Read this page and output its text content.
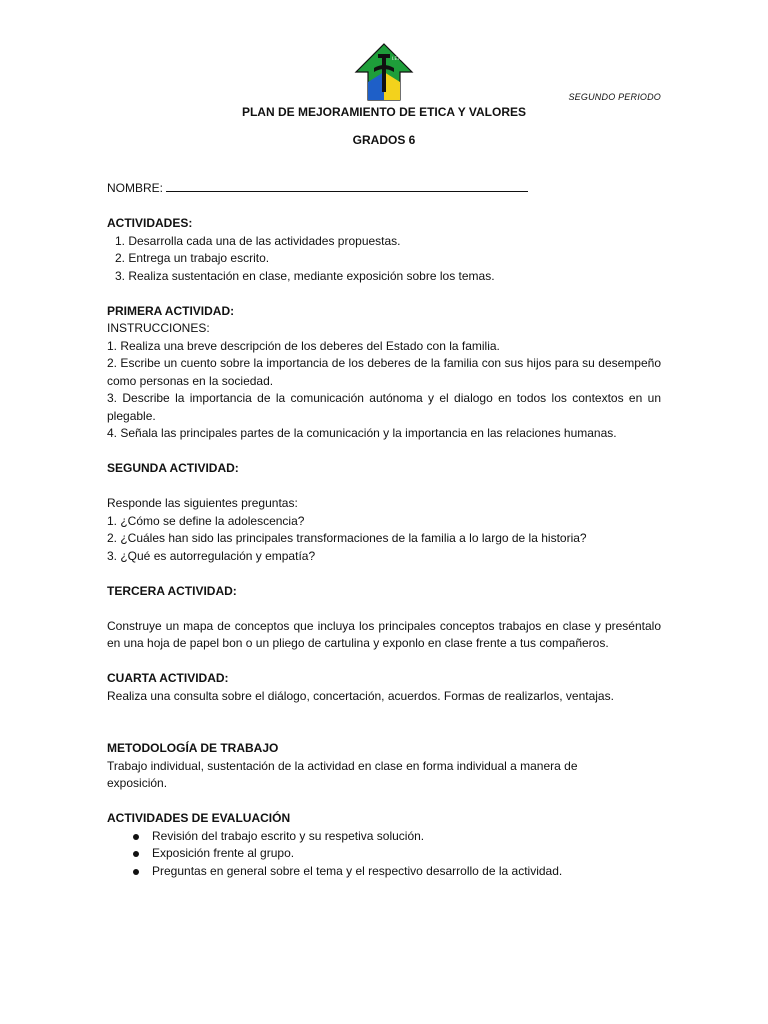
I.E.R.
SEGUNDO PERIODO
PLAN DE MEJORAMIENTO DE ETICA Y VALORES
GRADOS 6

NOMBRE:

ACTIVIDADES:

1. Desarrolla cada una de las actividades propuestas.

2. Entrega un trabajo escrito.

3. Realiza sustentación en clase, mediante exposición sobre los temas.

PRIMERA ACTIVIDAD:

INSTRUCCIONES:

1. Realiza una breve descripción de los deberes del Estado con la familia.

2. Escribe un cuento sobre la importancia de los deberes de la familia con sus hijos para su desempeño como personas en la sociedad.

3. Describe la importancia de la comunicación autónoma y el dialogo en todos los contextos en un plegable.

4. Señala las principales partes de la comunicación y la importancia en las relaciones humanas.

SEGUNDA ACTIVIDAD:

Responde las siguientes preguntas:

1. ¿Cómo se define la adolescencia?

2. ¿Cuáles han sido las principales transformaciones de la familia a lo largo de la historia?

3. ¿Qué es autorregulación y empatía?

TERCERA ACTIVIDAD:

Construye un mapa de conceptos que incluya los principales conceptos trabajos en clase y preséntalo en una hoja de papel bon o un pliego de cartulina y exponlo en clase frente a tus compañeros.

CUARTA ACTIVIDAD:

Realiza una consulta sobre el diálogo, concertación, acuerdos. Formas de realizarlos, ventajas.

METODOLOGÍA DE TRABAJO

Trabajo individual, sustentación de la actividad en clase en forma individual a manera de exposición.

ACTIVIDADES DE EVALUACIÓN

Revisión del trabajo escrito y su respetiva solución.
Exposición frente al grupo.
Preguntas en general sobre el tema y el respectivo desarrollo de la actividad.
